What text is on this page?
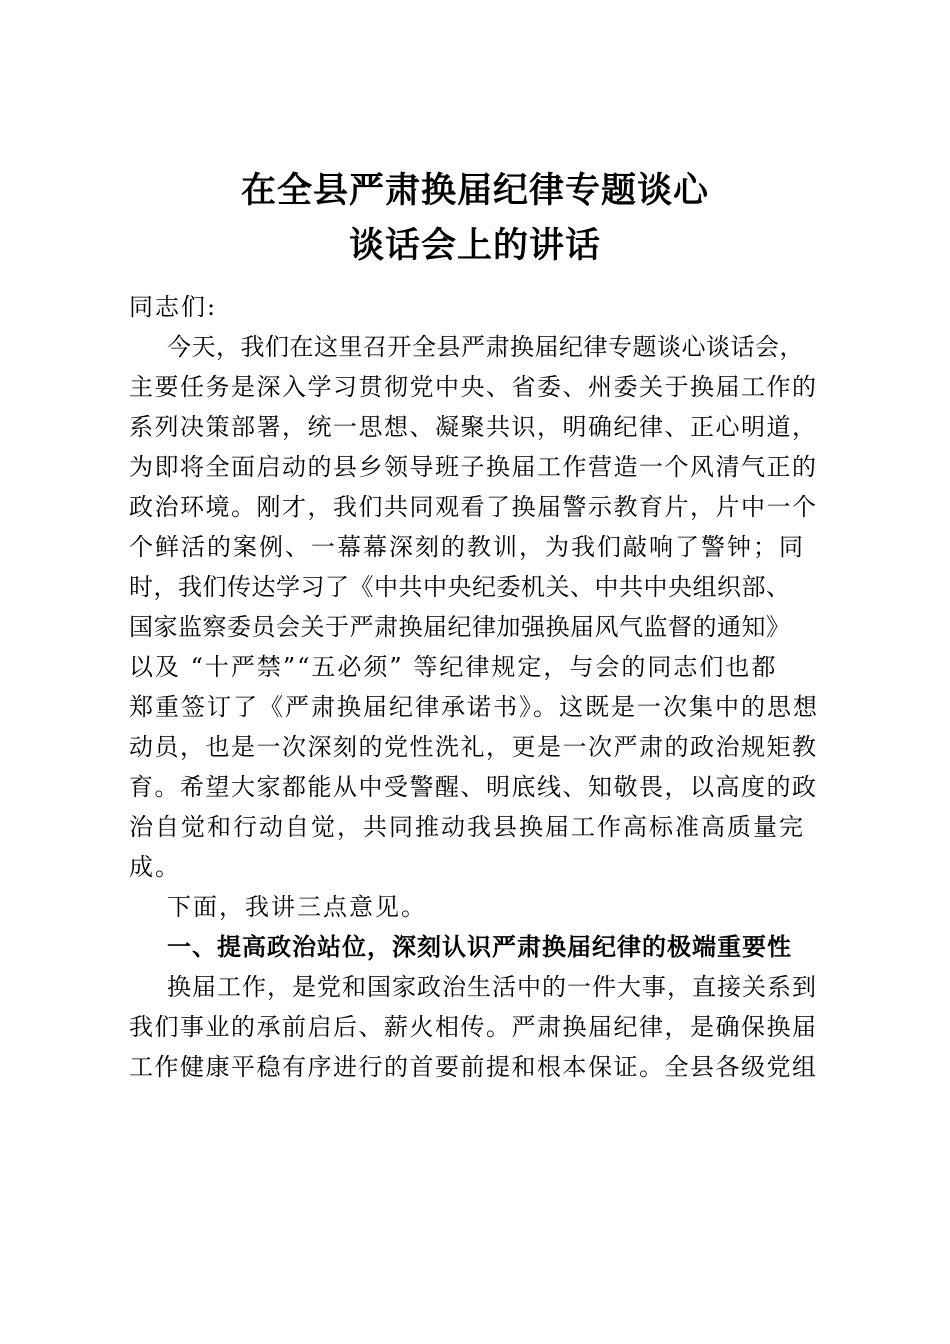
在全县严肃换届纪律专题谈心
谈话会上的讲话
同志们:
今天，我们在这里召开全县严肃换届纪律专题谈心谈话会，
主要任务是深入学习贯彻党中央、省委、州委关于换届工作的
系列决策部署，统一思想、凝聚共识，明确纪律、正心明道，
为即将全面启动的县乡领导班子换届工作营造一个风清气正的
政治环境。刚才，我们共同观看了换届警示教育片，片中一个
个鲜活的案例、一幕幕深刻的教训，为我们敲响了警钟；同
时，我们传达学习了《中共中央纪委机关、中共中央组织部、
国家监察委员会关于严肃换届纪律加强换届风气监督的通知》
以及 “十严禁”“五必须” 等纪律规定，与会的同志们也都
郑重签订了《严肃换届纪律承诺书》。这既是一次集中的思想
动员，也是一次深刻的党性洗礼，更是一次严肃的政治规矩教
育。希望大家都能从中受警醒、明底线、知敬畏，以高度的政
治自觉和行动自觉，共同推动我县换届工作高标准高质量完
成。
下面，我讲三点意见。
一、提高政治站位，深刻认识严肃换届纪律的极端重要性
换届工作，是党和国家政治生活中的一件大事，直接关系到
我们事业的承前启后、薪火相传。严肃换届纪律，是确保换届
工作健康平稳有序进行的首要前提和根本保证。全县各级党组
